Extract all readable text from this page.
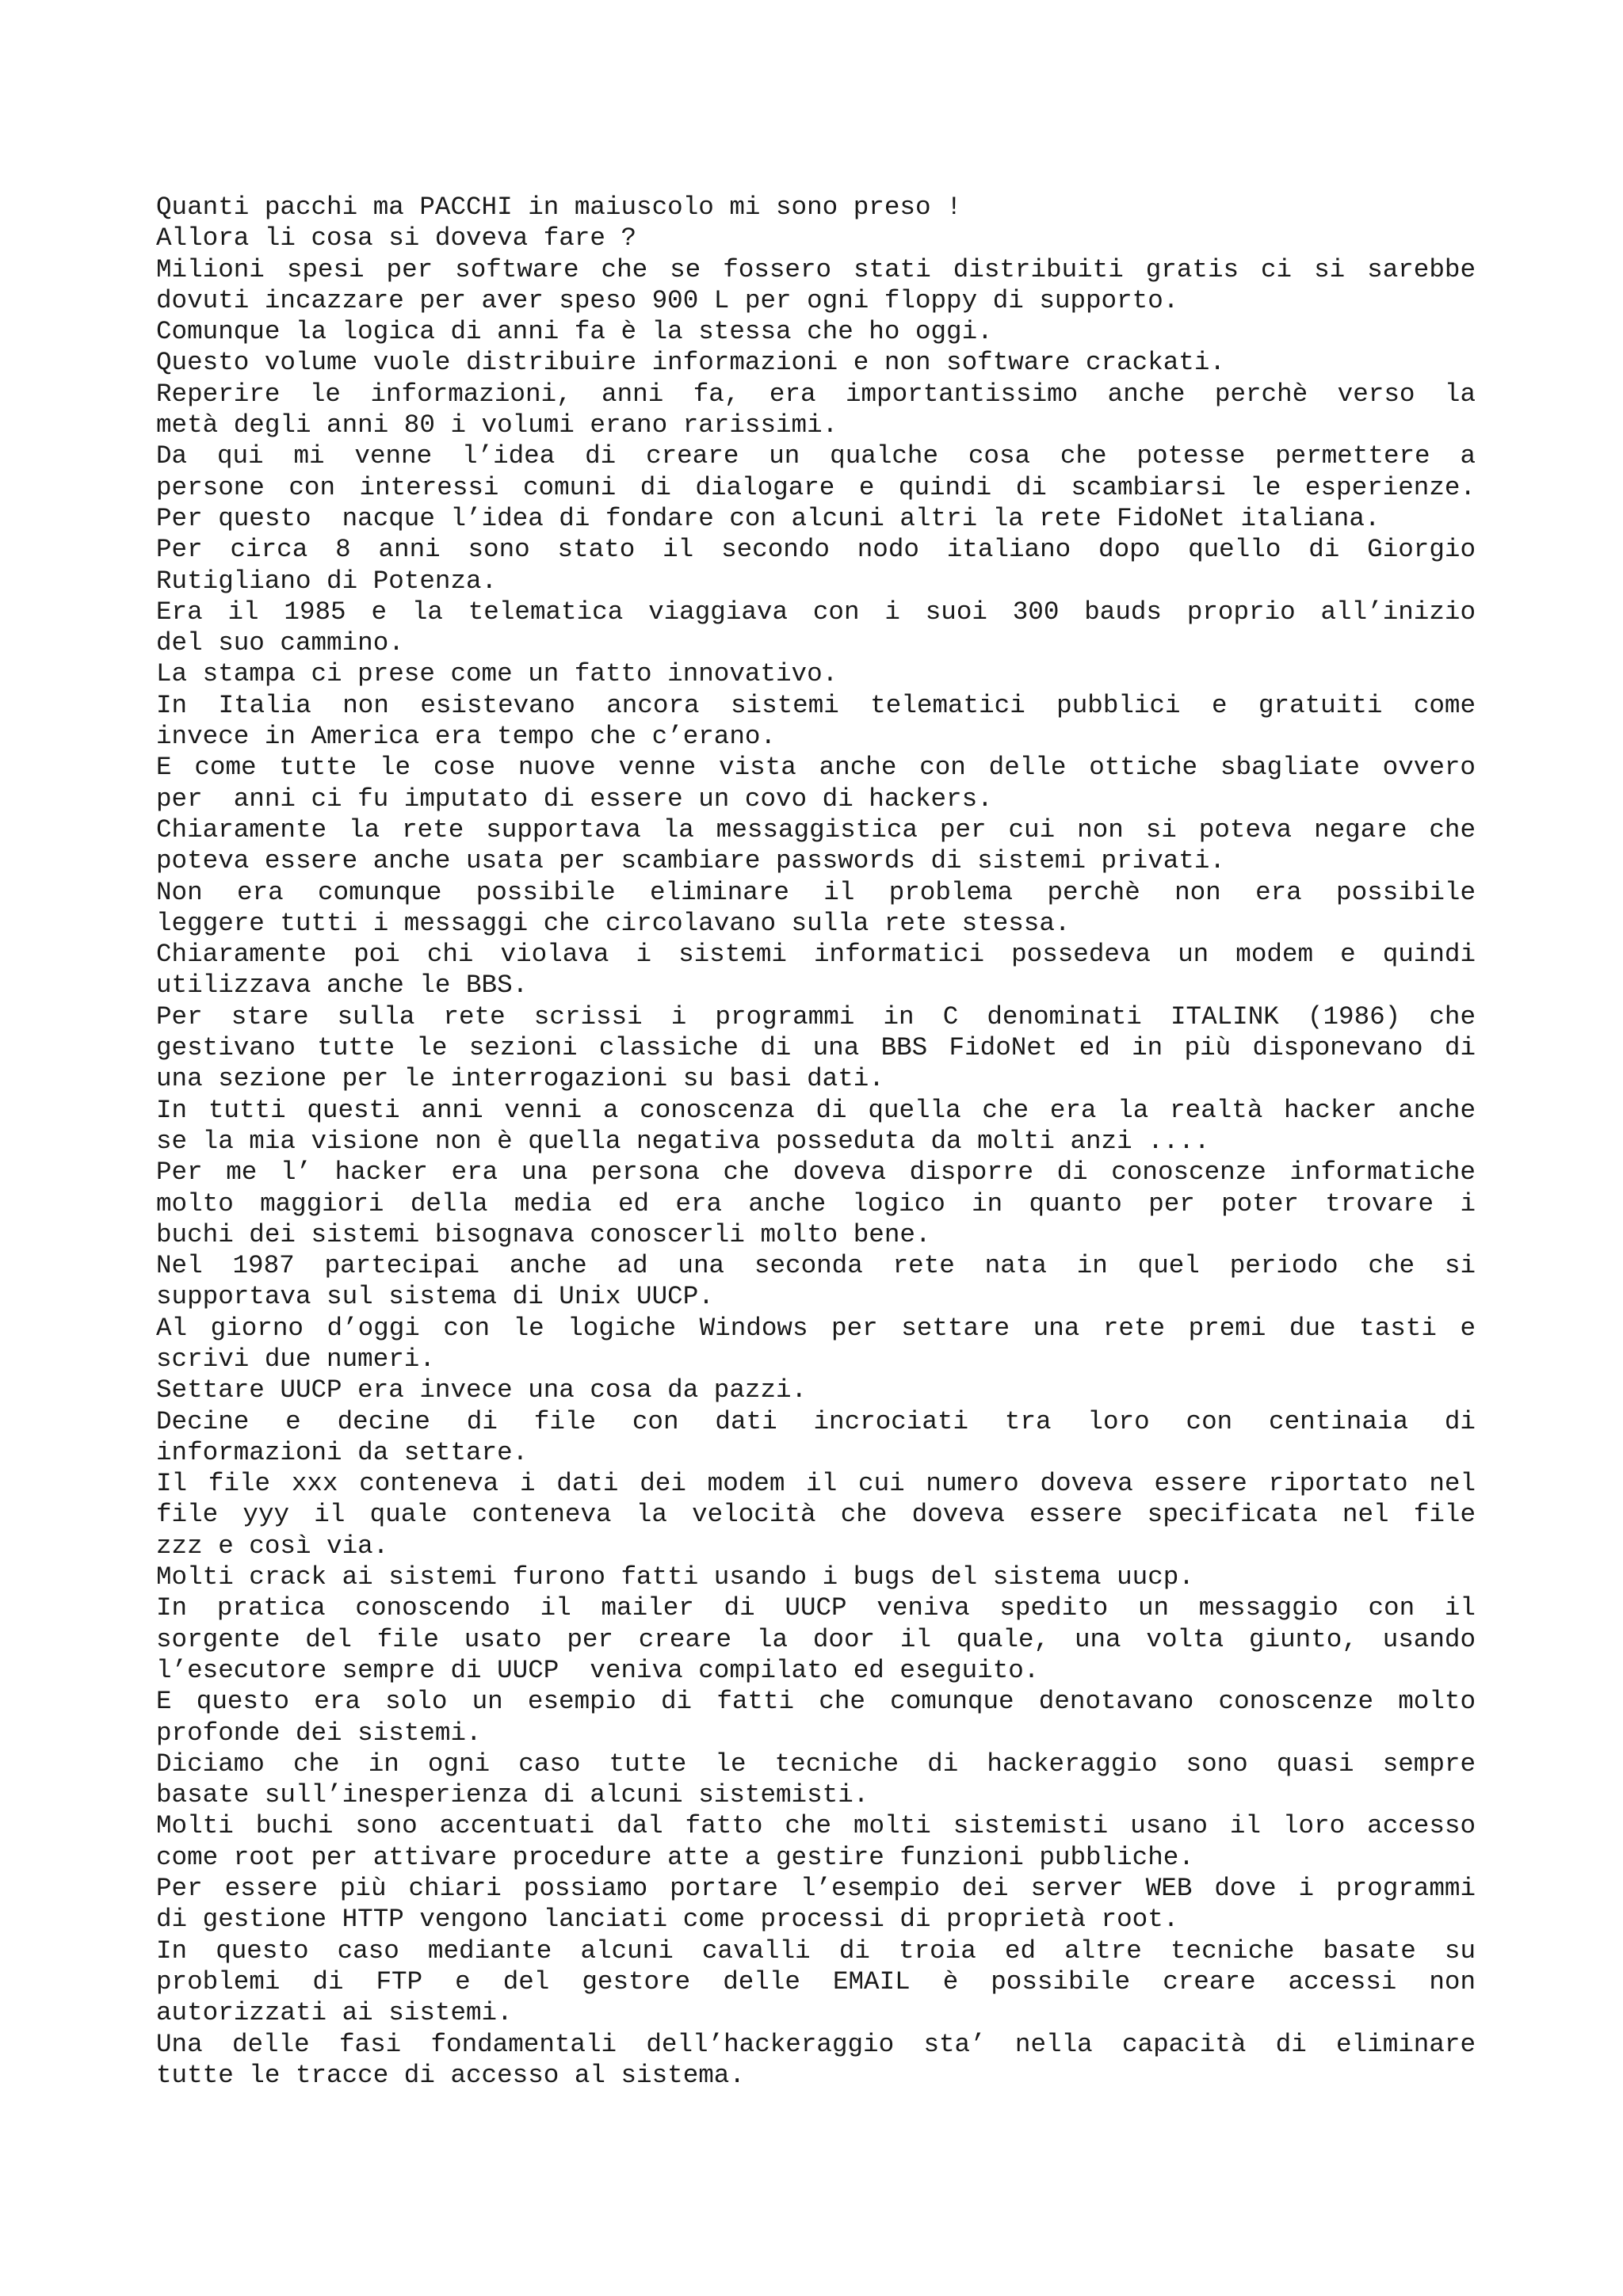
Quanti pacchi ma PACCHI in maiuscolo mi sono preso !
Allora li cosa si doveva fare ?
Milioni spesi per software che se fossero stati distribuiti gratis ci si sarebbe
dovuti incazzare per aver speso 900 L per ogni floppy di supporto.
Comunque la logica di anni fa è la stessa che ho oggi.
Questo volume vuole distribuire informazioni e non software crackati.
Reperire le informazioni, anni fa, era importantissimo anche perchè verso la
metà degli anni 80 i volumi erano rarissimi.
Da qui mi venne l’idea di creare un qualche cosa che potesse permettere a
persone con interessi comuni di dialogare e quindi di scambiarsi le esperienze.
Per questo  nacque l’idea di fondare con alcuni altri la rete FidoNet italiana.
Per circa 8 anni sono stato il secondo nodo italiano dopo quello di Giorgio
Rutigliano di Potenza.
Era il 1985 e la telematica viaggiava con i suoi 300 bauds proprio all’inizio
del suo cammino.
La stampa ci prese come un fatto innovativo.
In Italia non esistevano ancora sistemi telematici pubblici e gratuiti come
invece in America era tempo che c’erano.
E come tutte le cose nuove venne vista anche con delle ottiche sbagliate ovvero
per  anni ci fu imputato di essere un covo di hackers.
Chiaramente la rete supportava la messaggistica per cui non si poteva negare che
poteva essere anche usata per scambiare passwords di sistemi privati.
Non era comunque possibile eliminare il problema perchè non era possibile
leggere tutti i messaggi che circolavano sulla rete stessa.
Chiaramente poi chi violava i sistemi informatici possedeva un modem e quindi
utilizzava anche le BBS.
Per stare sulla rete scrissi i programmi in C denominati ITALINK (1986) che
gestivano tutte le sezioni classiche di una BBS FidoNet ed in più disponevano di
una sezione per le interrogazioni su basi dati.
In tutti questi anni venni a conoscenza di quella che era la realtà hacker anche
se la mia visione non è quella negativa posseduta da molti anzi ....
Per me l’ hacker era una persona che doveva disporre di conoscenze informatiche
molto maggiori della media ed era anche logico in quanto per poter trovare i
buchi dei sistemi bisognava conoscerli molto bene.
Nel 1987 partecipai anche ad una seconda rete nata in quel periodo che si
supportava sul sistema di Unix UUCP.
Al giorno d’oggi con le logiche Windows per settare una rete premi due tasti e
scrivi due numeri.
Settare UUCP era invece una cosa da pazzi.
Decine e decine di file con dati incrociati tra loro con centinaia di
informazioni da settare.
Il file xxx conteneva i dati dei modem il cui numero doveva essere riportato nel
file yyy il quale conteneva la velocità che doveva essere specificata nel file
zzz e così via.
Molti crack ai sistemi furono fatti usando i bugs del sistema uucp.
In pratica conoscendo il mailer di UUCP veniva spedito un messaggio con il
sorgente del file usato per creare la door il quale, una volta giunto, usando
l’esecutore sempre di UUCP  veniva compilato ed eseguito.
E questo era solo un esempio di fatti che comunque denotavano conoscenze molto
profonde dei sistemi.
Diciamo che in ogni caso tutte le tecniche di hackeraggio sono quasi sempre
basate sull’inesperienza di alcuni sistemisti.
Molti buchi sono accentuati dal fatto che molti sistemisti usano il loro accesso
come root per attivare procedure atte a gestire funzioni pubbliche.
Per essere più chiari possiamo portare l’esempio dei server WEB dove i programmi
di gestione HTTP vengono lanciati come processi di proprietà root.
In questo caso mediante alcuni cavalli di troia ed altre tecniche basate su
problemi di FTP e del gestore delle EMAIL è possibile creare accessi non
autorizzati ai sistemi.
Una delle fasi fondamentali dell’hackeraggio sta’ nella capacità di eliminare
tutte le tracce di accesso al sistema.
